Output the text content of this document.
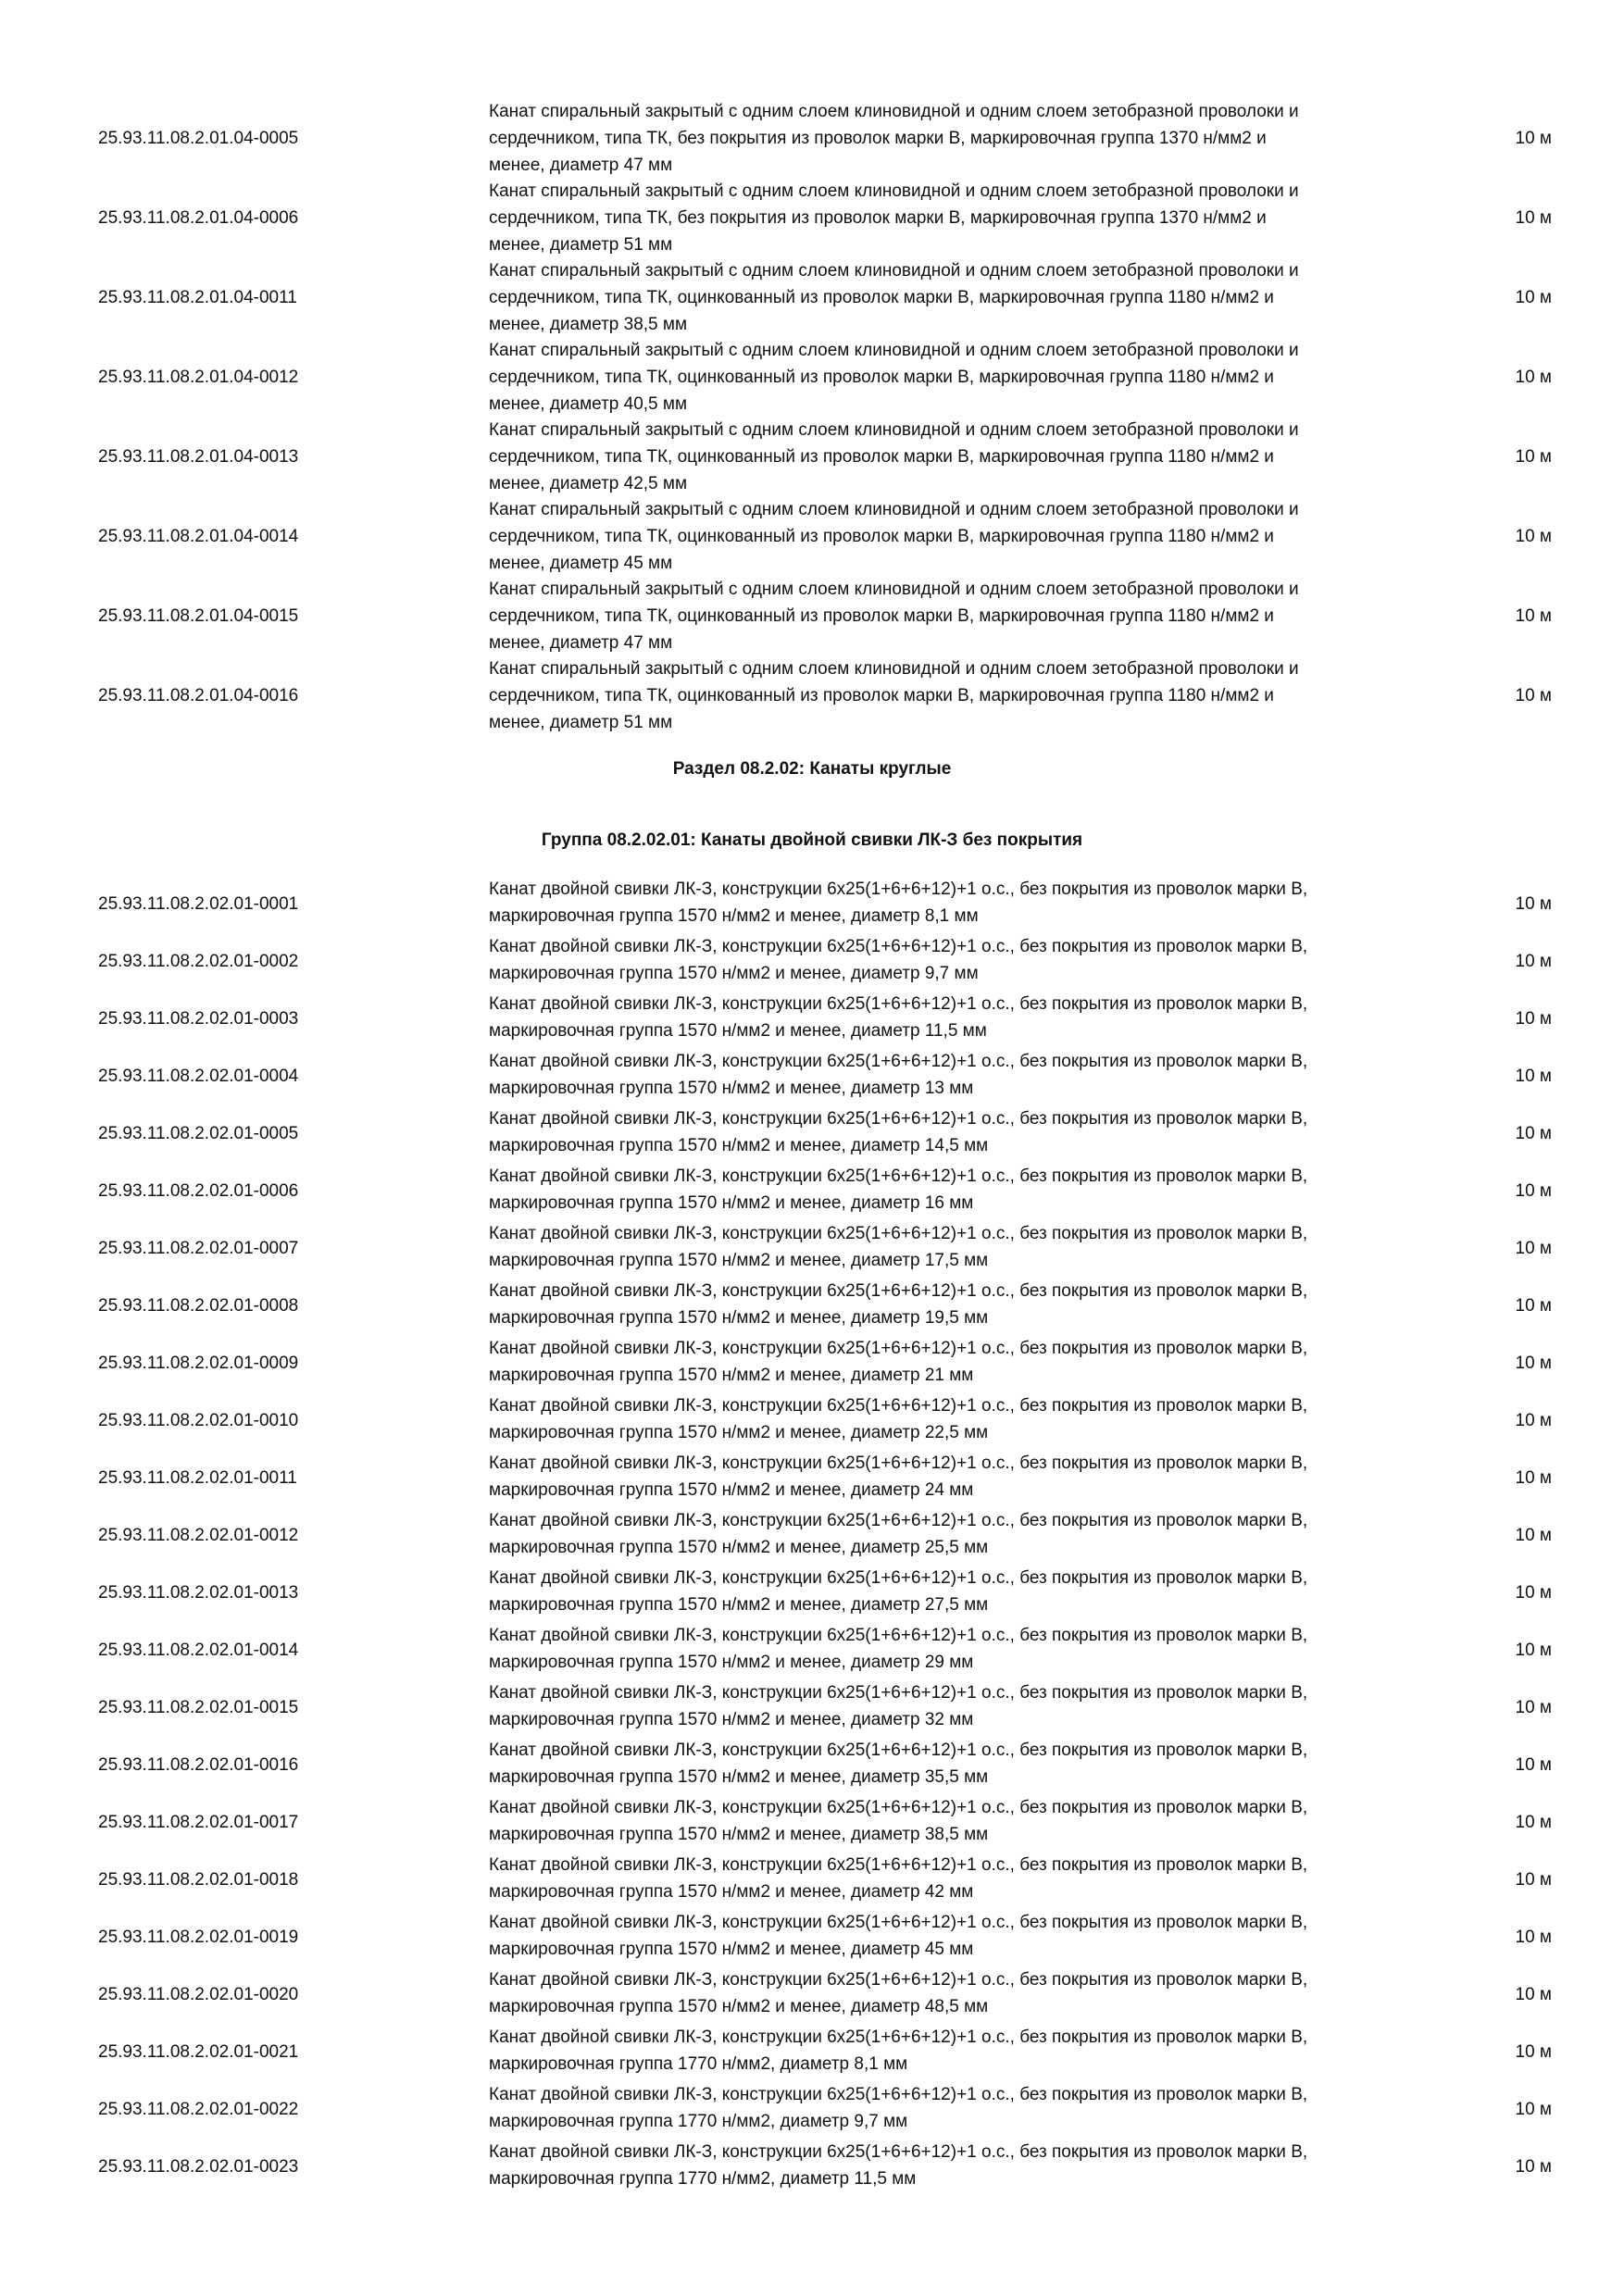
25.93.11.08.2.01.04-0005
Канат спиральный закрытый с одним слоем клиновидной и одним слоем зетобразной проволоки и
сердечником, типа ТК, без покрытия из проволок марки В, маркировочная группа 1370 н/мм2 и
менее, диаметр 47 мм
10 м
25.93.11.08.2.01.04-0006
Канат спиральный закрытый с одним слоем клиновидной и одним слоем зетобразной проволоки и
сердечником, типа ТК, без покрытия из проволок марки В, маркировочная группа 1370 н/мм2 и
менее, диаметр 51 мм
10 м
25.93.11.08.2.01.04-0011
Канат спиральный закрытый с одним слоем клиновидной и одним слоем зетобразной проволоки и
сердечником, типа ТК, оцинкованный из проволок марки В, маркировочная группа 1180 н/мм2 и
менее, диаметр 38,5 мм
10 м
25.93.11.08.2.01.04-0012
Канат спиральный закрытый с одним слоем клиновидной и одним слоем зетобразной проволоки и
сердечником, типа ТК, оцинкованный из проволок марки В, маркировочная группа 1180 н/мм2 и
менее, диаметр 40,5 мм
10 м
25.93.11.08.2.01.04-0013
Канат спиральный закрытый с одним слоем клиновидной и одним слоем зетобразной проволоки и
сердечником, типа ТК, оцинкованный из проволок марки В, маркировочная группа 1180 н/мм2 и
менее, диаметр 42,5 мм
10 м
25.93.11.08.2.01.04-0014
Канат спиральный закрытый с одним слоем клиновидной и одним слоем зетобразной проволоки и
сердечником, типа ТК, оцинкованный из проволок марки В, маркировочная группа 1180 н/мм2 и
менее, диаметр 45 мм
10 м
25.93.11.08.2.01.04-0015
Канат спиральный закрытый с одним слоем клиновидной и одним слоем зетобразной проволоки и
сердечником, типа ТК, оцинкованный из проволок марки В, маркировочная группа 1180 н/мм2 и
менее, диаметр 47 мм
10 м
25.93.11.08.2.01.04-0016
Канат спиральный закрытый с одним слоем клиновидной и одним слоем зетобразной проволоки и
сердечником, типа ТК, оцинкованный из проволок марки В, маркировочная группа 1180 н/мм2 и
менее, диаметр 51 мм
10 м
Раздел 08.2.02: Канаты круглые
Группа 08.2.02.01: Канаты двойной свивки ЛК-З без покрытия
25.93.11.08.2.02.01-0001
Канат двойной свивки ЛК-З, конструкции 6х25(1+6+6+12)+1 о.с., без покрытия из проволок марки В,
маркировочная группа 1570 н/мм2 и менее, диаметр 8,1 мм
10 м
25.93.11.08.2.02.01-0002
Канат двойной свивки ЛК-З, конструкции 6х25(1+6+6+12)+1 о.с., без покрытия из проволок марки В,
маркировочная группа 1570 н/мм2 и менее, диаметр 9,7 мм
10 м
25.93.11.08.2.02.01-0003
Канат двойной свивки ЛК-З, конструкции 6х25(1+6+6+12)+1 о.с., без покрытия из проволок марки В,
маркировочная группа 1570 н/мм2 и менее, диаметр 11,5 мм
10 м
25.93.11.08.2.02.01-0004
Канат двойной свивки ЛК-З, конструкции 6х25(1+6+6+12)+1 о.с., без покрытия из проволок марки В,
маркировочная группа 1570 н/мм2 и менее, диаметр 13 мм
10 м
25.93.11.08.2.02.01-0005
Канат двойной свивки ЛК-З, конструкции 6х25(1+6+6+12)+1 о.с., без покрытия из проволок марки В,
маркировочная группа 1570 н/мм2 и менее, диаметр 14,5 мм
10 м
25.93.11.08.2.02.01-0006
Канат двойной свивки ЛК-З, конструкции 6х25(1+6+6+12)+1 о.с., без покрытия из проволок марки В,
маркировочная группа 1570 н/мм2 и менее, диаметр 16 мм
10 м
25.93.11.08.2.02.01-0007
Канат двойной свивки ЛК-З, конструкции 6х25(1+6+6+12)+1 о.с., без покрытия из проволок марки В,
маркировочная группа 1570 н/мм2 и менее, диаметр 17,5 мм
10 м
25.93.11.08.2.02.01-0008
Канат двойной свивки ЛК-З, конструкции 6х25(1+6+6+12)+1 о.с., без покрытия из проволок марки В,
маркировочная группа 1570 н/мм2 и менее, диаметр 19,5 мм
10 м
25.93.11.08.2.02.01-0009
Канат двойной свивки ЛК-З, конструкции 6х25(1+6+6+12)+1 о.с., без покрытия из проволок марки В,
маркировочная группа 1570 н/мм2 и менее, диаметр 21 мм
10 м
25.93.11.08.2.02.01-0010
Канат двойной свивки ЛК-З, конструкции 6х25(1+6+6+12)+1 о.с., без покрытия из проволок марки В,
маркировочная группа 1570 н/мм2 и менее, диаметр 22,5 мм
10 м
25.93.11.08.2.02.01-0011
Канат двойной свивки ЛК-З, конструкции 6х25(1+6+6+12)+1 о.с., без покрытия из проволок марки В,
маркировочная группа 1570 н/мм2 и менее, диаметр 24 мм
10 м
25.93.11.08.2.02.01-0012
Канат двойной свивки ЛК-З, конструкции 6х25(1+6+6+12)+1 о.с., без покрытия из проволок марки В,
маркировочная группа 1570 н/мм2 и менее, диаметр 25,5 мм
10 м
25.93.11.08.2.02.01-0013
Канат двойной свивки ЛК-З, конструкции 6х25(1+6+6+12)+1 о.с., без покрытия из проволок марки В,
маркировочная группа 1570 н/мм2 и менее, диаметр 27,5 мм
10 м
25.93.11.08.2.02.01-0014
Канат двойной свивки ЛК-З, конструкции 6х25(1+6+6+12)+1 о.с., без покрытия из проволок марки В,
маркировочная группа 1570 н/мм2 и менее, диаметр 29 мм
10 м
25.93.11.08.2.02.01-0015
Канат двойной свивки ЛК-З, конструкции 6х25(1+6+6+12)+1 о.с., без покрытия из проволок марки В,
маркировочная группа 1570 н/мм2 и менее, диаметр 32 мм
10 м
25.93.11.08.2.02.01-0016
Канат двойной свивки ЛК-З, конструкции 6х25(1+6+6+12)+1 о.с., без покрытия из проволок марки В,
маркировочная группа 1570 н/мм2 и менее, диаметр 35,5 мм
10 м
25.93.11.08.2.02.01-0017
Канат двойной свивки ЛК-З, конструкции 6х25(1+6+6+12)+1 о.с., без покрытия из проволок марки В,
маркировочная группа 1570 н/мм2 и менее, диаметр 38,5 мм
10 м
25.93.11.08.2.02.01-0018
Канат двойной свивки ЛК-З, конструкции 6х25(1+6+6+12)+1 о.с., без покрытия из проволок марки В,
маркировочная группа 1570 н/мм2 и менее, диаметр 42 мм
10 м
25.93.11.08.2.02.01-0019
Канат двойной свивки ЛК-З, конструкции 6х25(1+6+6+12)+1 о.с., без покрытия из проволок марки В,
маркировочная группа 1570 н/мм2 и менее, диаметр 45 мм
10 м
25.93.11.08.2.02.01-0020
Канат двойной свивки ЛК-З, конструкции 6х25(1+6+6+12)+1 о.с., без покрытия из проволок марки В,
маркировочная группа 1570 н/мм2 и менее, диаметр 48,5 мм
10 м
25.93.11.08.2.02.01-0021
Канат двойной свивки ЛК-З, конструкции 6х25(1+6+6+12)+1 о.с., без покрытия из проволок марки В,
маркировочная группа 1770 н/мм2, диаметр 8,1 мм
10 м
25.93.11.08.2.02.01-0022
Канат двойной свивки ЛК-З, конструкции 6х25(1+6+6+12)+1 о.с., без покрытия из проволок марки В,
маркировочная группа 1770 н/мм2, диаметр 9,7 мм
10 м
25.93.11.08.2.02.01-0023
Канат двойной свивки ЛК-З, конструкции 6х25(1+6+6+12)+1 о.с., без покрытия из проволок марки В,
маркировочная группа 1770 н/мм2, диаметр 11,5 мм
10 м
